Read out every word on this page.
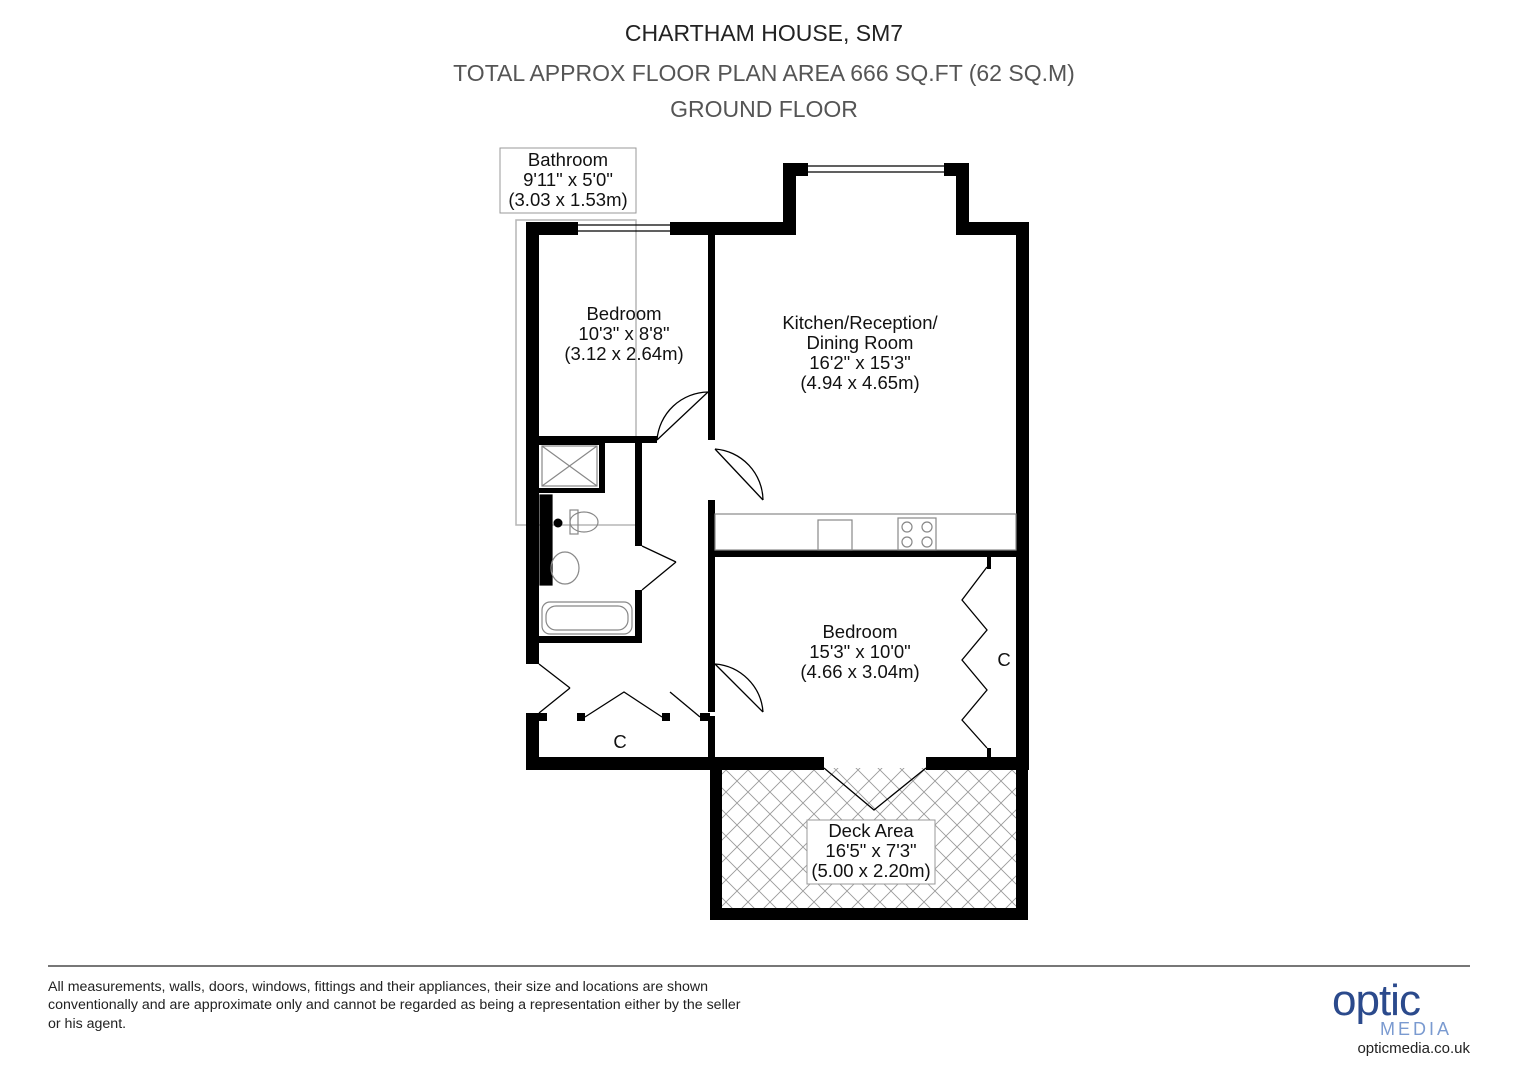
CHARTHAM HOUSE, SM7
TOTAL APPROX FLOOR PLAN AREA 666 SQ.FT (62 SQ.M)
GROUND FLOOR
Bathroom
9'11" x 5'0"
(3.03 x 1.53m)
Bedroom
10'3" x 8'8"
(3.12 x 2.64m)
Kitchen/Reception/
Dining Room
16'2" x 15'3"
(4.94 x 4.65m)
Bedroom
15'3" x 10'0"
(4.66 x 3.04m)
Deck Area
16'5" x 7'3"
(5.00 x 2.20m)
C
C
All measurements, walls, doors, windows, fittings and their appliances, their size and locations are shown conventionally and are approximate only and cannot be regarded as being a representation either by the seller or his agent.	optic
MEDIA
opticmedia.co.uk
